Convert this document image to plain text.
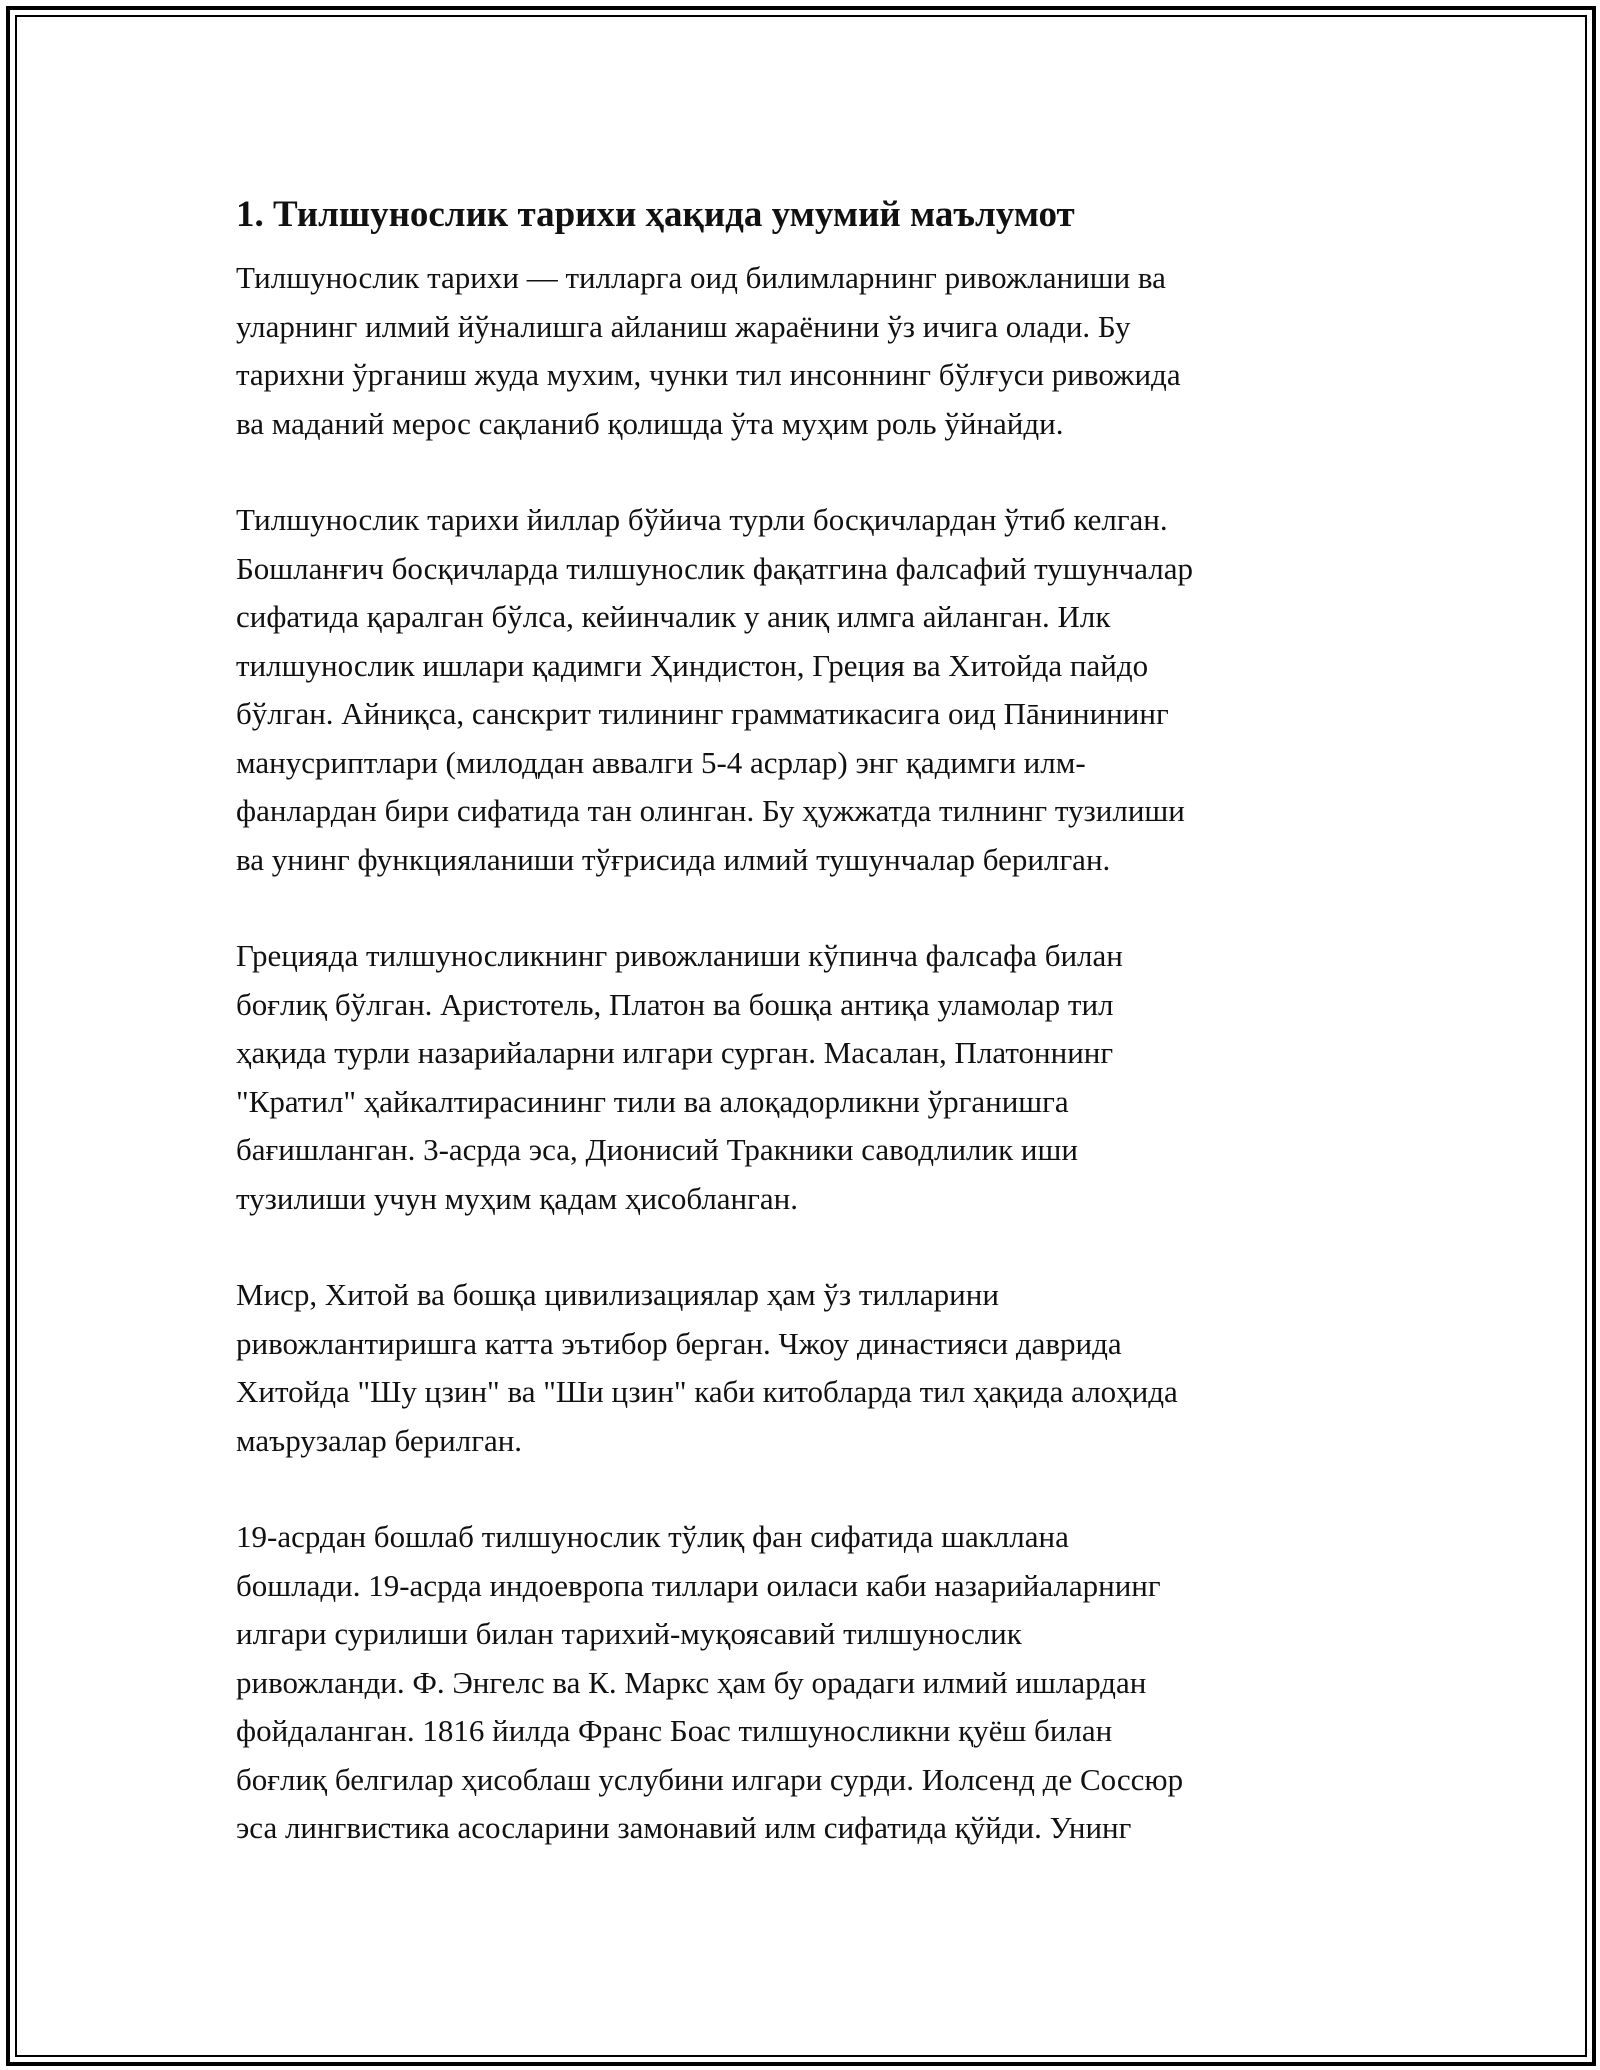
1. Тилшунослик тарихи ҳақида умумий маълумот

Тилшунослик тарихи — тилларга оид билимларнинг ривожланиши ва
уларнинг илмий йўналишга айланиш жараёнини ўз ичига олади. Бу
тарихни ўрганиш жуда мухим, чунки тил инсоннинг бўлғуси ривожида
ва маданий мерос сақланиб қолишда ўта муҳим роль ўйнайди.

Тилшунослик тарихи йиллар бўйича турли босқичлардан ўтиб келган.
Бошланғич босқичларда тилшунослик фақатгина фалсафий тушунчалар
сифатида қаралган бўлса, кейинчалик у аниқ илмга айланган. Илк
тилшунослик ишлари қадимги Ҳиндистон, Греция ва Хитойда пайдо
бўлган. Айниқса, санскрит тилининг грамматикасига оид Пāнинининг
манусриптлари (милоддан аввалги 5-4 асрлар) энг қадимги илм-
фанлардан бири сифатида тан олинган. Бу ҳужжатда тилнинг тузилиши
ва унинг функцияланиши тўғрисида илмий тушунчалар берилган.

Грецияда тилшуносликнинг ривожланиши кўпинча фалсафа билан
боғлиқ бўлган. Аристотель, Платон ва бошқа антиқа уламолар тил
ҳақида турли назарийаларни илгари сурган. Масалан, Платоннинг
"Кратил" ҳайкалтирасининг тили ва алоқадорликни ўрганишга
бағишланган. 3-асрда эса, Дионисий Тракники саводлилик иши
тузилиши учун муҳим қадам ҳисобланган.

Миср, Хитой ва бошқа цивилизациялар ҳам ўз тилларини
ривожлантиришга катта эътибор берган. Чжоу династияси даврида
Хитойда "Шу цзин" ва "Ши цзин" каби китобларда тил ҳақида алоҳида
маърузалар берилган.

19-асрдан бошлаб тилшунослик тўлиқ фан сифатида шакллана
бошлади. 19-асрда индоевропа тиллари оиласи каби назарийаларнинг
илгари сурилиши билан тарихий-муқоясавий тилшунослик
ривожланди. Ф. Энгелс ва К. Маркс ҳам бу орадаги илмий ишлардан
фойдаланган. 1816 йилда Франс Боас тилшуносликни қуёш билан
боғлиқ белгилар ҳисоблаш услубини илгари сурди. Иолсенд де Соссюр
эса лингвистика асосларини замонавий илм сифатида қўйди. Унинг
